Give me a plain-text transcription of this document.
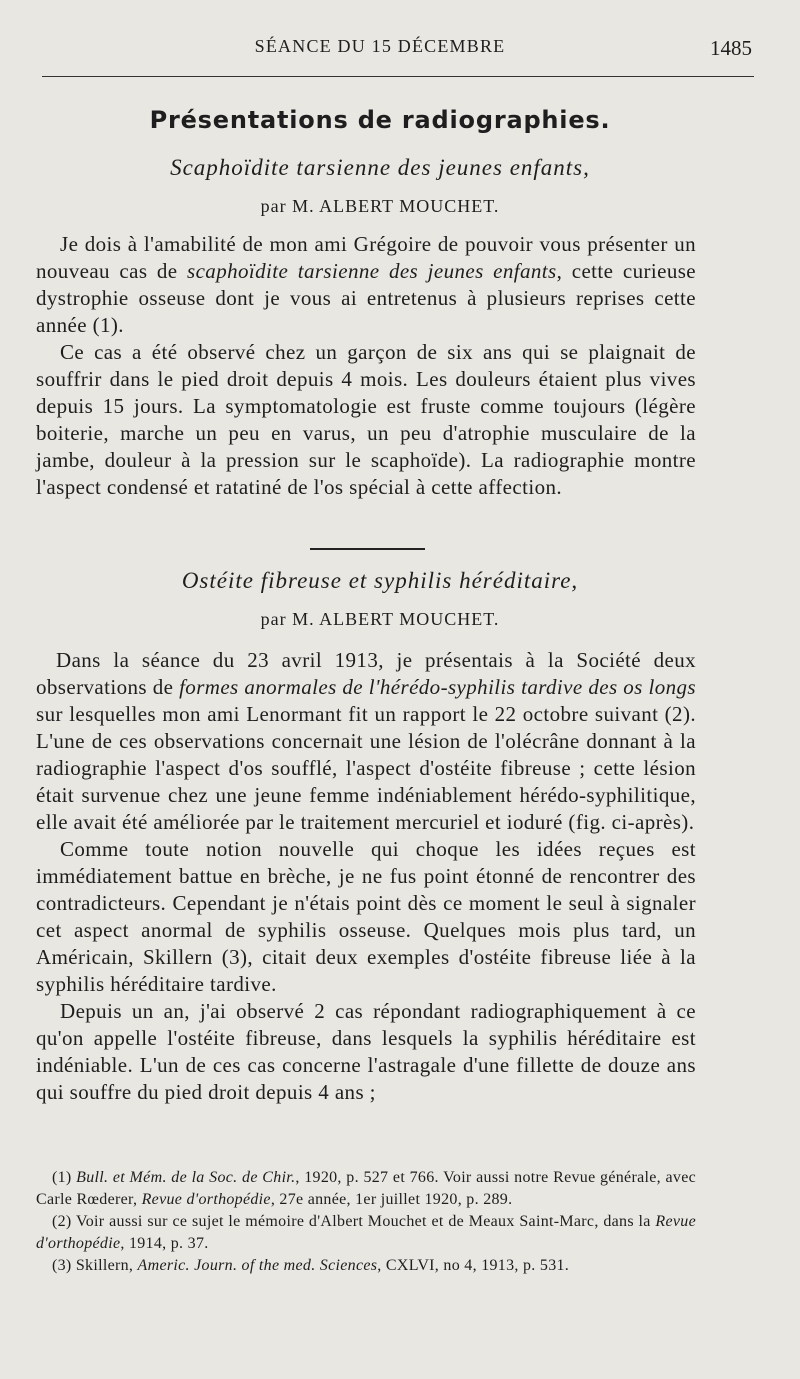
SÉANCE DU 15 DÉCEMBRE	1485
Présentations de radiographies.
Scaphoïdite tarsienne des jeunes enfants,
par M. ALBERT MOUCHET.

Je dois à l'amabilité de mon ami Grégoire de pouvoir vous présenter un nouveau cas de scaphoïdite tarsienne des jeunes enfants, cette curieuse dystrophie osseuse dont je vous ai entretenus à plusieurs reprises cette année (1).

Ce cas a été observé chez un garçon de six ans qui se plaignait de souffrir dans le pied droit depuis 4 mois. Les douleurs étaient plus vives depuis 15 jours. La symptomatologie est fruste comme toujours (légère boiterie, marche un peu en varus, un peu d'atrophie musculaire de la jambe, douleur à la pression sur le scaphoïde). La radiographie montre l'aspect condensé et ratatiné de l'os spécial à cette affection.

Ostéite fibreuse et syphilis héréditaire,
par M. ALBERT MOUCHET.

Dans la séance du 23 avril 1913, je présentais à la Société deux observations de formes anormales de l'hérédo-syphilis tardive des os longs sur lesquelles mon ami Lenormant fit un rapport le 22 octobre suivant (2). L'une de ces observations concernait une lésion de l'olécrâne donnant à la radiographie l'aspect d'os soufflé, l'aspect d'ostéite fibreuse ; cette lésion était survenue chez une jeune femme indéniablement hérédo-syphilitique, elle avait été améliorée par le traitement mercuriel et ioduré (fig. ci-après).

Comme toute notion nouvelle qui choque les idées reçues est immédiatement battue en brèche, je ne fus point étonné de rencontrer des contradicteurs. Cependant je n'étais point dès ce moment le seul à signaler cet aspect anormal de syphilis osseuse. Quelques mois plus tard, un Américain, Skillern (3), citait deux exemples d'ostéite fibreuse liée à la syphilis héréditaire tardive.

Depuis un an, j'ai observé 2 cas répondant radiographiquement à ce qu'on appelle l'ostéite fibreuse, dans lesquels la syphilis héréditaire est indéniable. L'un de ces cas concerne l'astragale d'une fillette de douze ans qui souffre du pied droit depuis 4 ans ;

(1) Bull. et Mém. de la Soc. de Chir., 1920, p. 527 et 766. Voir aussi notre Revue générale, avec Carle Rœderer, Revue d'orthopédie, 27e année, 1er juillet 1920, p. 289.

(2) Voir aussi sur ce sujet le mémoire d'Albert Mouchet et de Meaux Saint-Marc, dans la Revue d'orthopédie, 1914, p. 37.

(3) Skillern, Americ. Journ. of the med. Sciences, CXLVI, no 4, 1913, p. 531.
